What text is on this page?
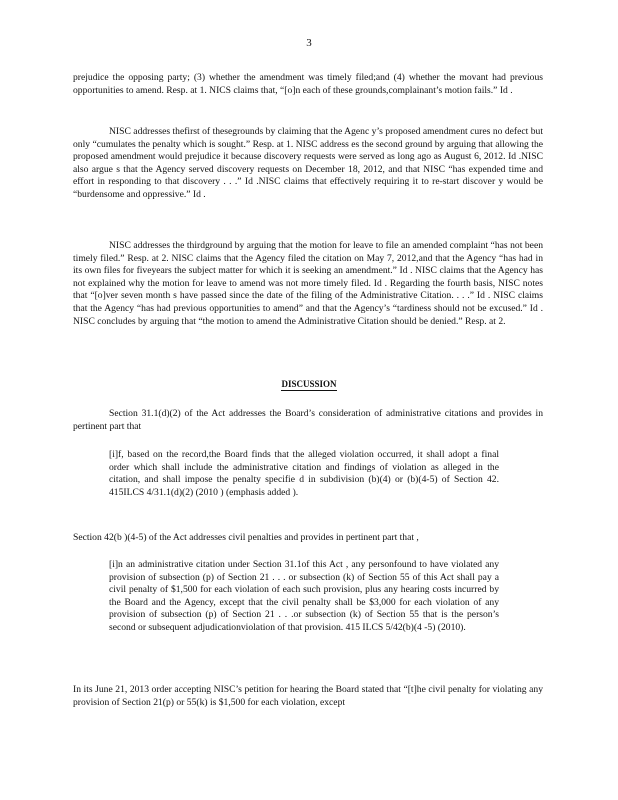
3

prejudice the opposing party; (3) whether the amendment was timely filed;and (4) whether the movant had previous opportunities to amend. Resp. at 1. NICS claims that, “[o]n each of these grounds,complainant’s motion fails.” Id .

NISC addresses thefirst of thesegrounds by claiming that the Agenc y’s proposed amendment cures no defect but only “cumulates the penalty which is sought.” Resp. at 1. NISC address es the second ground by arguing that allowing the proposed amendment would prejudice it because discovery requests were served as long ago as August 6, 2012. Id .NISC also argue s that the Agency served discovery requests on December 18, 2012, and that NISC “has expended time and effort in responding to that discovery . . .” Id .NISC claims that effectively requiring it to re-start discover y would be “burdensome and oppressive.” Id .

NISC addresses the thirdground by arguing that the motion for leave to file an amended complaint “has not been timely filed.” Resp. at 2. NISC claims that the Agency filed the citation on May 7, 2012,and that the Agency “has had in its own files for fiveyears the subject matter for which it is seeking an amendment.” Id . NISC claims that the Agency has not explained why the motion for leave to amend was not more timely filed. Id . Regarding the fourth basis, NISC notes that “[o]ver seven month s have passed since the date of the filing of the Administrative Citation. . . .” Id . NISC claims that the Agency “has had previous opportunities to amend” and that the Agency’s “tardiness should not be excused.” Id . NISC concludes by arguing that “the motion to amend the Administrative Citation should be denied.” Resp. at 2.

DISCUSSION

Section 31.1(d)(2) of the Act addresses the Board’s consideration of administrative citations and provides in pertinent part that

[i]f, based on the record,the Board finds that the alleged violation occurred, it shall adopt a final order which shall include the administrative citation and findings of violation as alleged in the citation, and shall impose the penalty specifie d in subdivision (b)(4) or (b)(4-5) of Section 42. 415ILCS 4/31.1(d)(2) (2010 ) (emphasis added ).

Section 42(b )(4-5) of the Act addresses civil penalties and provides in pertinent part that ,

[i]n an administrative citation under Section 31.1of this Act , any personfound to have violated any provision of subsection (p) of Section 21 . . . or subsection (k) of Section 55 of this Act shall pay a civil penalty of $1,500 for each violation of each such provision, plus any hearing costs incurred by the Board and the Agency, except that the civil penalty shall be $3,000 for each violation of any provision of subsection (p) of Section 21 . . .or subsection (k) of Section 55 that is the person’s second or subsequent adjudicationviolation of that provision. 415 ILCS 5/42(b)(4 -5) (2010).

In its June 21, 2013 order accepting NISC’s petition for hearing the Board stated that “[t]he civil penalty for violating any provision of Section 21(p) or 55(k) is $1,500 for each violation, except
